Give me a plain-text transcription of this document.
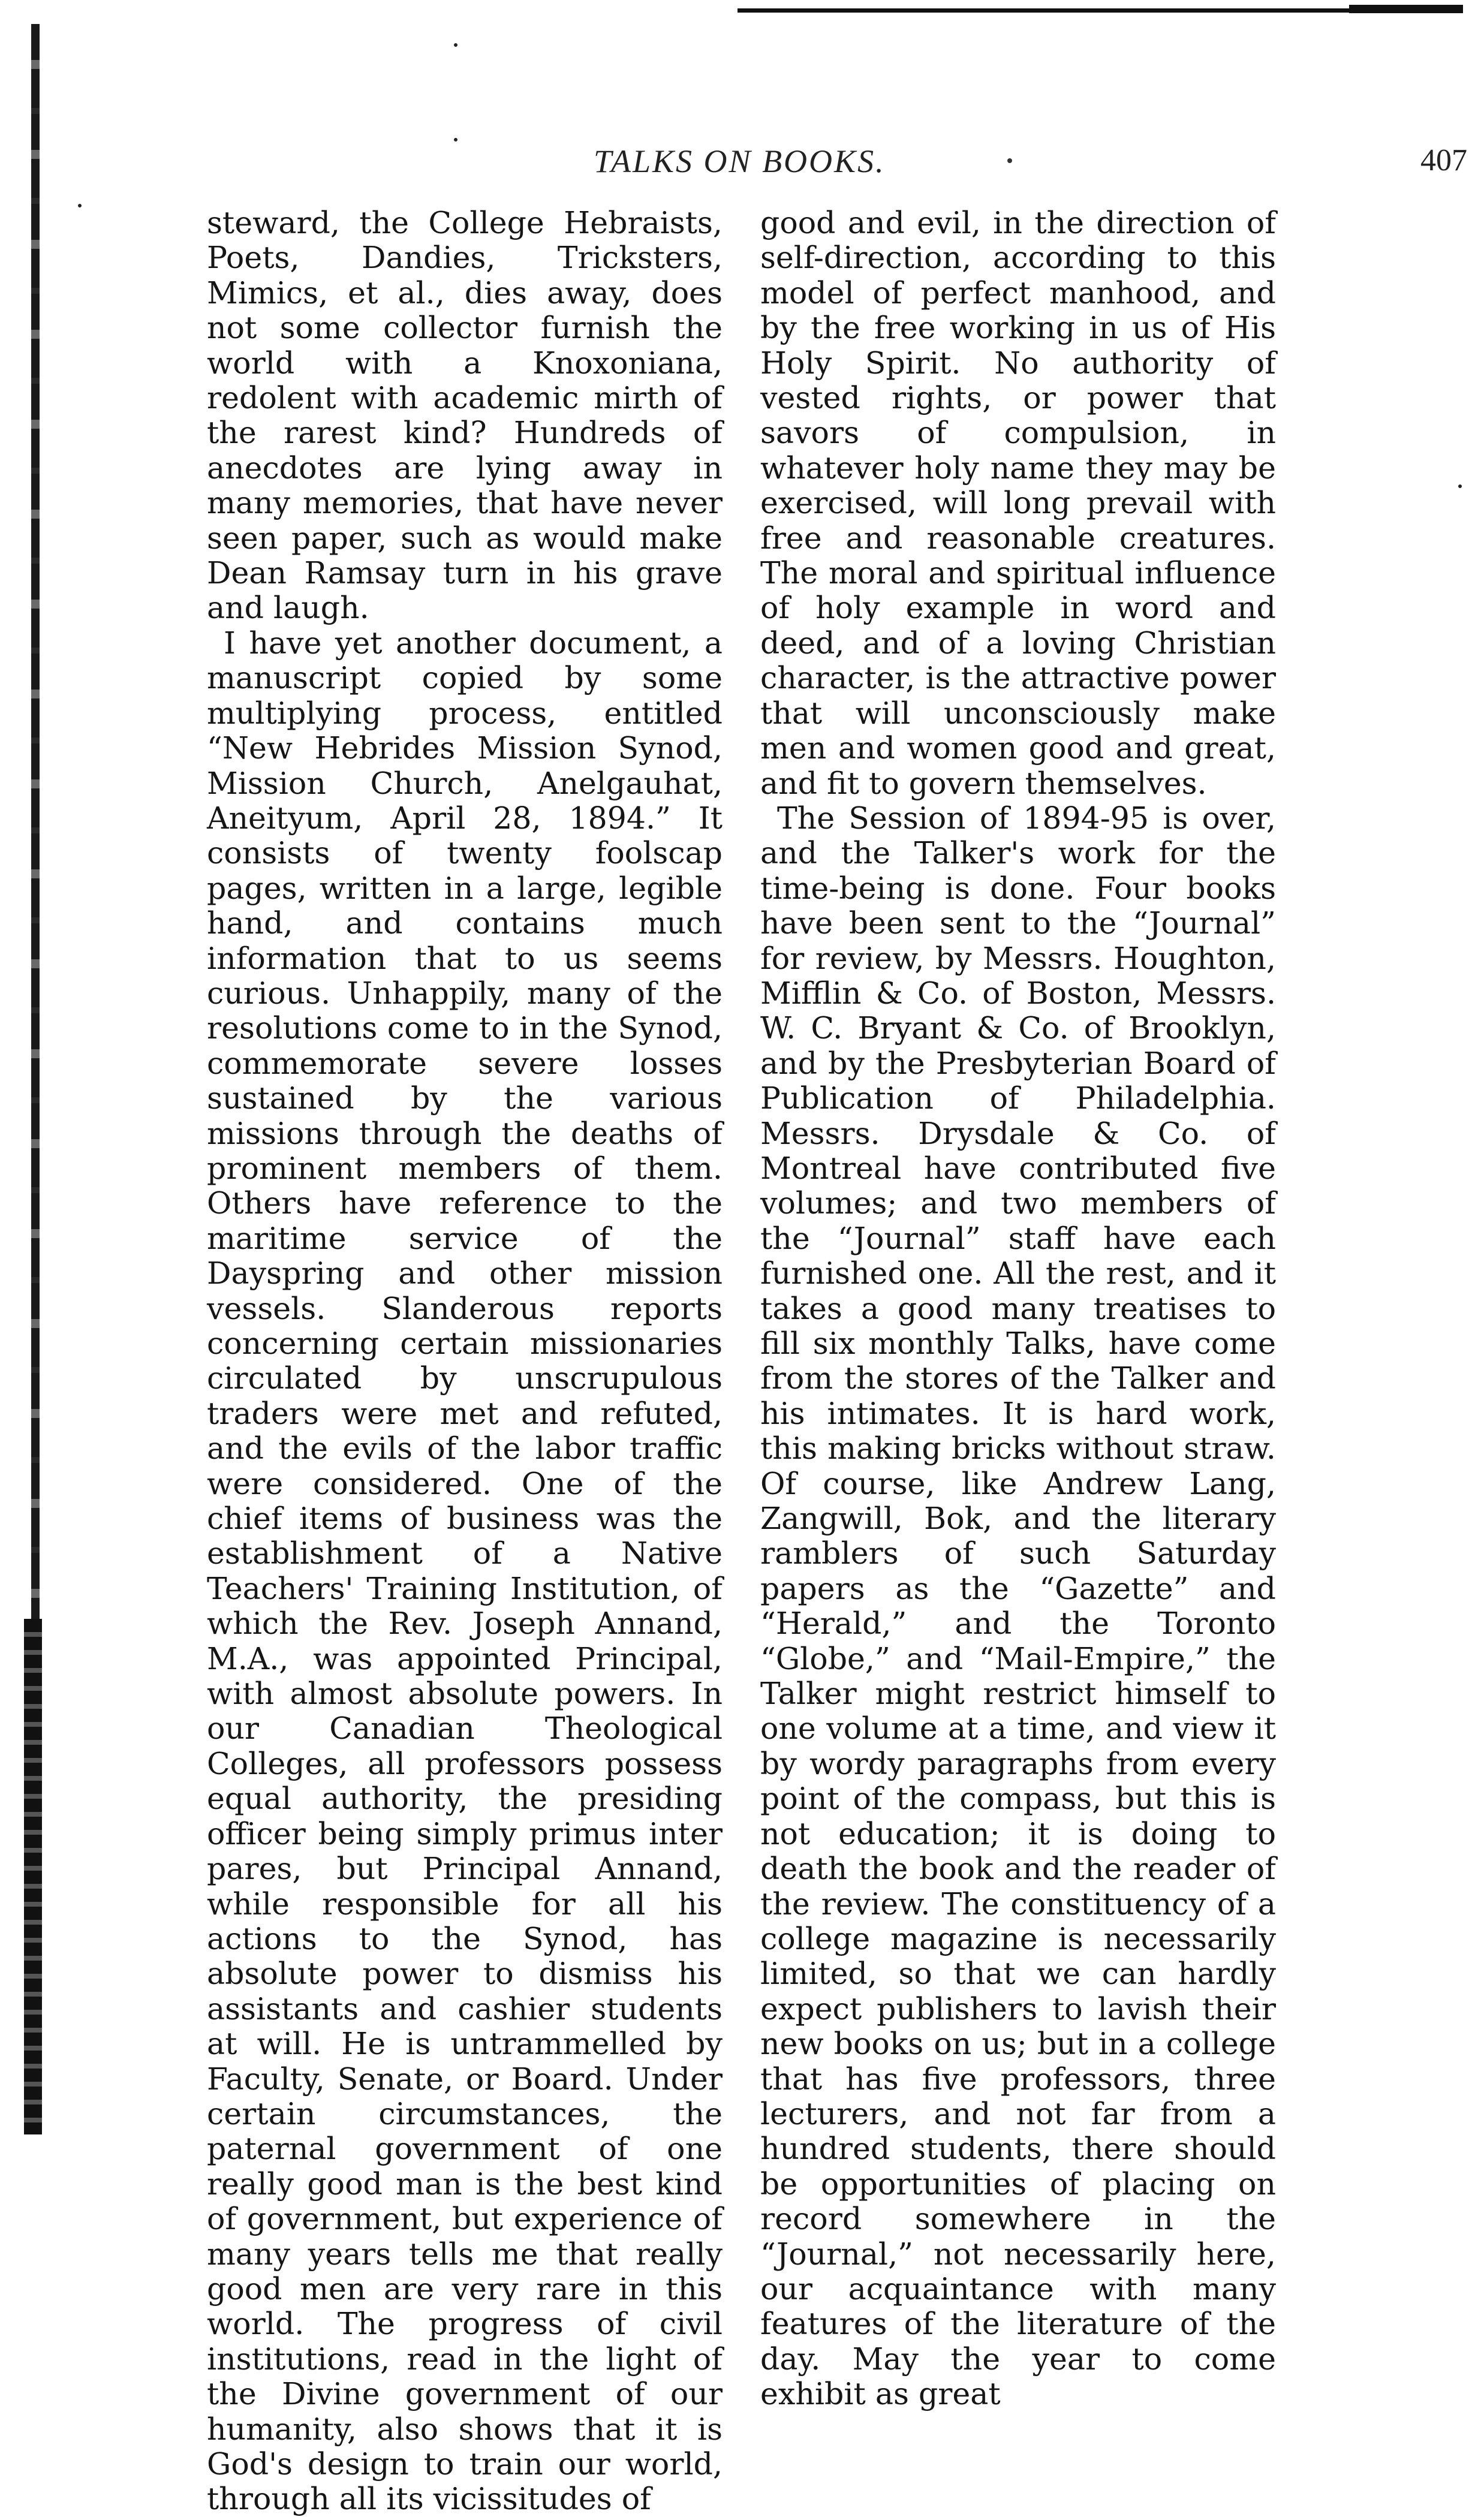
TALKS ON BOOKS.	407

steward, the College Hebraists, Poets, Dandies, Tricksters, Mimics, et al., dies away, does not some collector furnish the world with a Knoxoniana, redolent with academic mirth of the rarest kind? Hundreds of anecdotes are lying away in many memories, that have never seen paper, such as would make Dean Ramsay turn in his grave and laugh.

I have yet another document, a manuscript copied by some multiplying process, entitled “New Hebrides Mission Synod, Mission Church, Anelgauhat, Aneityum, April 28, 1894.” It consists of twenty foolscap pages, written in a large, legible hand, and contains much information that to us seems curious. Unhappily, many of the resolutions come to in the Synod, commemorate severe losses sustained by the various missions through the deaths of prominent members of them. Others have reference to the maritime service of the Dayspring and other mission vessels. Slanderous reports concerning certain missionaries circulated by unscrupulous traders were met and refuted, and the evils of the labor traffic were considered. One of the chief items of business was the establishment of a Native Teachers' Training Institution, of which the Rev. Joseph Annand, M.A., was appointed Principal, with almost absolute powers. In our Canadian Theological Colleges, all professors possess equal authority, the presiding officer being simply primus inter pares, but Principal Annand, while responsible for all his actions to the Synod, has absolute power to dismiss his assistants and cashier students at will. He is untrammelled by Faculty, Senate, or Board. Under certain circumstances, the paternal government of one really good man is the best kind of government, but experience of many years tells me that really good men are very rare in this world. The progress of civil institutions, read in the light of the Divine government of our humanity, also shows that it is God's design to train our world, through all its vicissitudes of

good and evil, in the direction of self-direction, according to this model of perfect manhood, and by the free working in us of His Holy Spirit. No authority of vested rights, or power that savors of compulsion, in whatever holy name they may be exercised, will long prevail with free and reasonable creatures. The moral and spiritual influence of holy example in word and deed, and of a loving Christian character, is the attractive power that will unconsciously make men and women good and great, and fit to govern themselves.

The Session of 1894-95 is over, and the Talker's work for the time-being is done. Four books have been sent to the “Journal” for review, by Messrs. Houghton, Mifflin & Co. of Boston, Messrs. W. C. Bryant & Co. of Brooklyn, and by the Presbyterian Board of Publication of Philadelphia. Messrs. Drysdale & Co. of Montreal have contributed five volumes; and two members of the “Journal” staff have each furnished one. All the rest, and it takes a good many treatises to fill six monthly Talks, have come from the stores of the Talker and his intimates. It is hard work, this making bricks without straw. Of course, like Andrew Lang, Zangwill, Bok, and the literary ramblers of such Saturday papers as the “Gazette” and “Herald,” and the Toronto “Globe,” and “Mail-Empire,” the Talker might restrict himself to one volume at a time, and view it by wordy paragraphs from every point of the compass, but this is not education; it is doing to death the book and the reader of the review. The constituency of a college magazine is necessarily limited, so that we can hardly expect publishers to lavish their new books on us; but in a college that has five professors, three lecturers, and not far from a hundred students, there should be opportunities of placing on record somewhere in the “Journal,” not necessarily here, our acquaintance with many features of the literature of the day. May the year to come exhibit as great
